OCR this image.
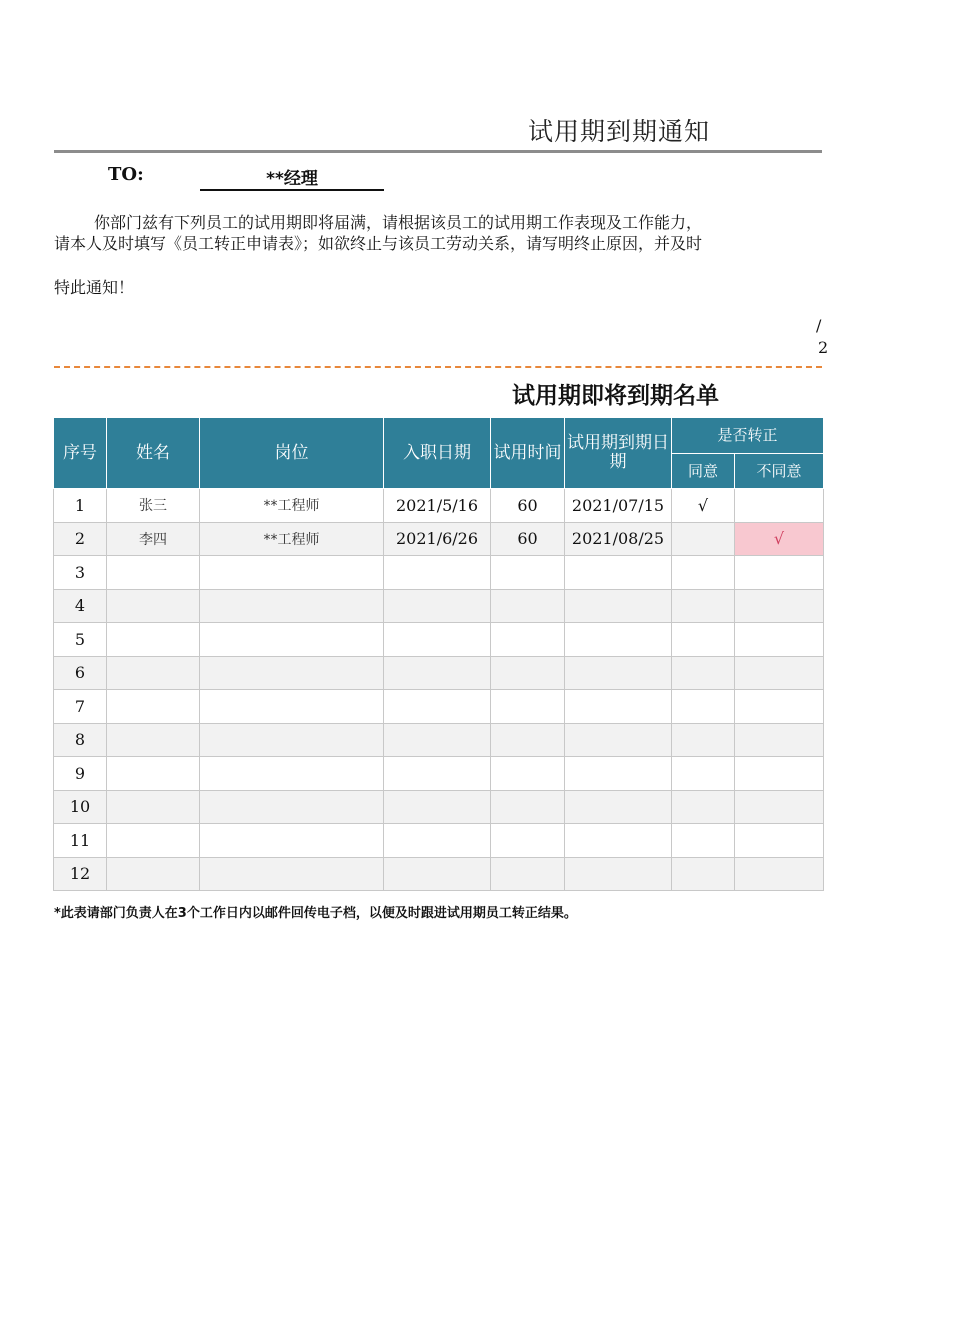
试用期到期通知
TO:	**经理
你部门兹有下列员工的试用期即将届满，请根据该员工的试用期工作表现及工作能力，
请本人及时填写《员工转正申请表》；如欲终止与该员工劳动关系，请写明终止原因，并及时
特此通知！
/
2
试用期即将到期名单
序号	姓名	岗位	入职日期	试用时间	试用期到期日期	是否转正	
						同意	不同意
1	张三	**工程师	2021/5/16	60	2021/07/15	√	
2	李四	**工程师	2021/6/26	60	2021/08/25		√
3							
4							
5							
6							
7							
8							
9							
10							
11							
12							
*此表请部门负责人在3个工作日内以邮件回传电子档，以便及时跟进试用期员工转正结果。
